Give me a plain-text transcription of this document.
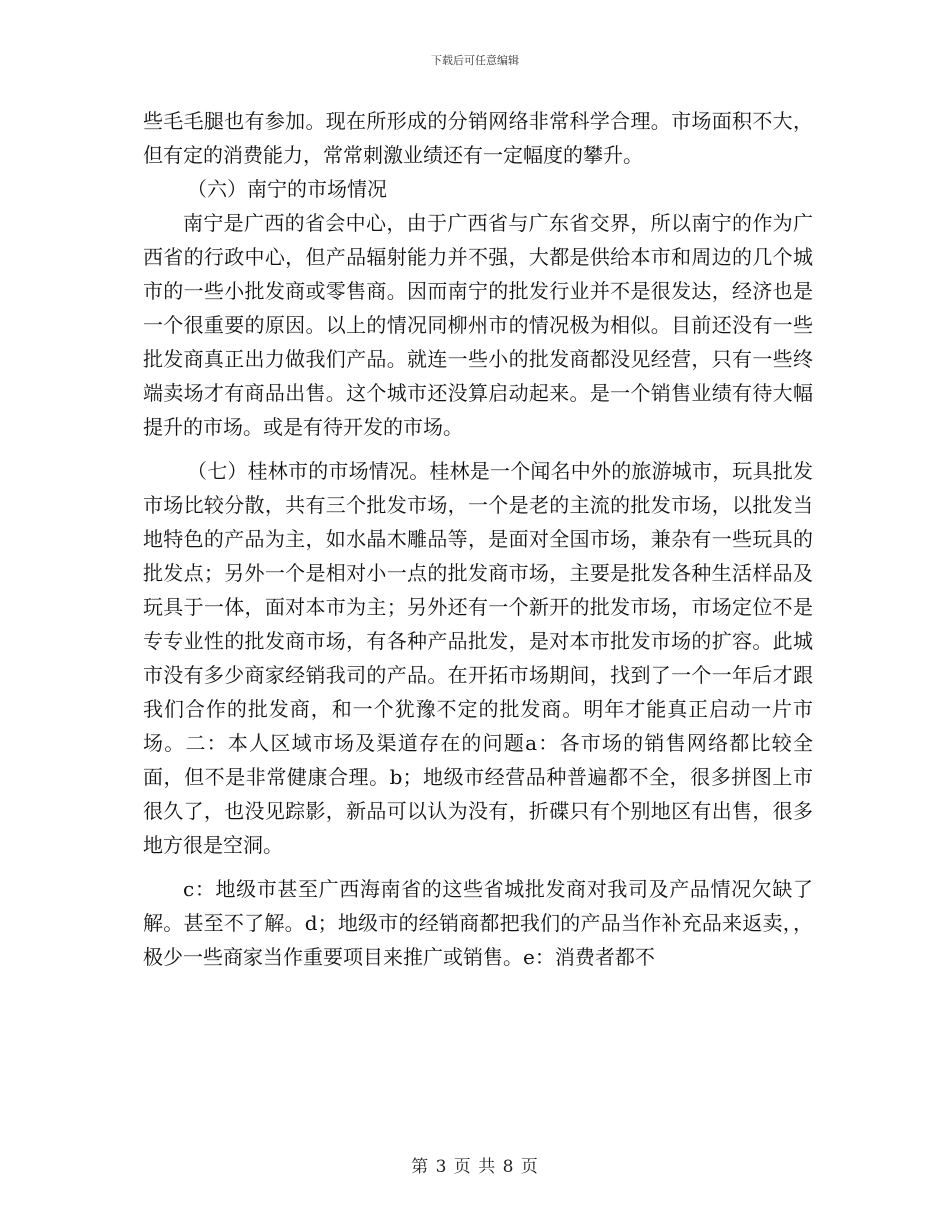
下载后可任意编辑

些毛毛腿也有参加。现在所形成的分销网络非常科学合理。市场面积不大，但有定的消费能力，常常刺激业绩还有一定幅度的攀升。

（六）南宁的市场情况

南宁是广西的省会中心，由于广西省与广东省交界，所以南宁的作为广西省的行政中心，但产品辐射能力并不强，大都是供给本市和周边的几个城市的一些小批发商或零售商。因而南宁的批发行业并不是很发达，经济也是一个很重要的原因。以上的情况同柳州市的情况极为相似。目前还没有一些批发商真正出力做我们产品。就连一些小的批发商都没见经营，只有一些终端卖场才有商品出售。这个城市还没算启动起来。是一个销售业绩有待大幅提升的市场。或是有待开发的市场。

（七）桂林市的市场情况。桂林是一个闻名中外的旅游城市，玩具批发市场比较分散，共有三个批发市场，一个是老的主流的批发市场，以批发当地特色的产品为主，如水晶木雕品等，是面对全国市场，兼杂有一些玩具的批发点；另外一个是相对小一点的批发商市场，主要是批发各种生活样品及玩具于一体，面对本市为主；另外还有一个新开的批发市场，市场定位不是专专业性的批发商市场，有各种产品批发，是对本市批发市场的扩容。此城市没有多少商家经销我司的产品。在开拓市场期间，找到了一个一年后才跟我们合作的批发商，和一个犹豫不定的批发商。明年才能真正启动一片市场。二：本人区域市场及渠道存在的问题a：各市场的销售网络都比较全面，但不是非常健康合理。b；地级市经营品种普遍都不全，很多拼图上市很久了，也没见踪影，新品可以认为没有，折碟只有个别地区有出售，很多地方很是空洞。

c：地级市甚至广西海南省的这些省城批发商对我司及产品情况欠缺了解。甚至不了解。d；地级市的经销商都把我们的产品当作补充品来返卖，，极少一些商家当作重要项目来推广或销售。e：消费者都不

第 3 页 共 8 页
